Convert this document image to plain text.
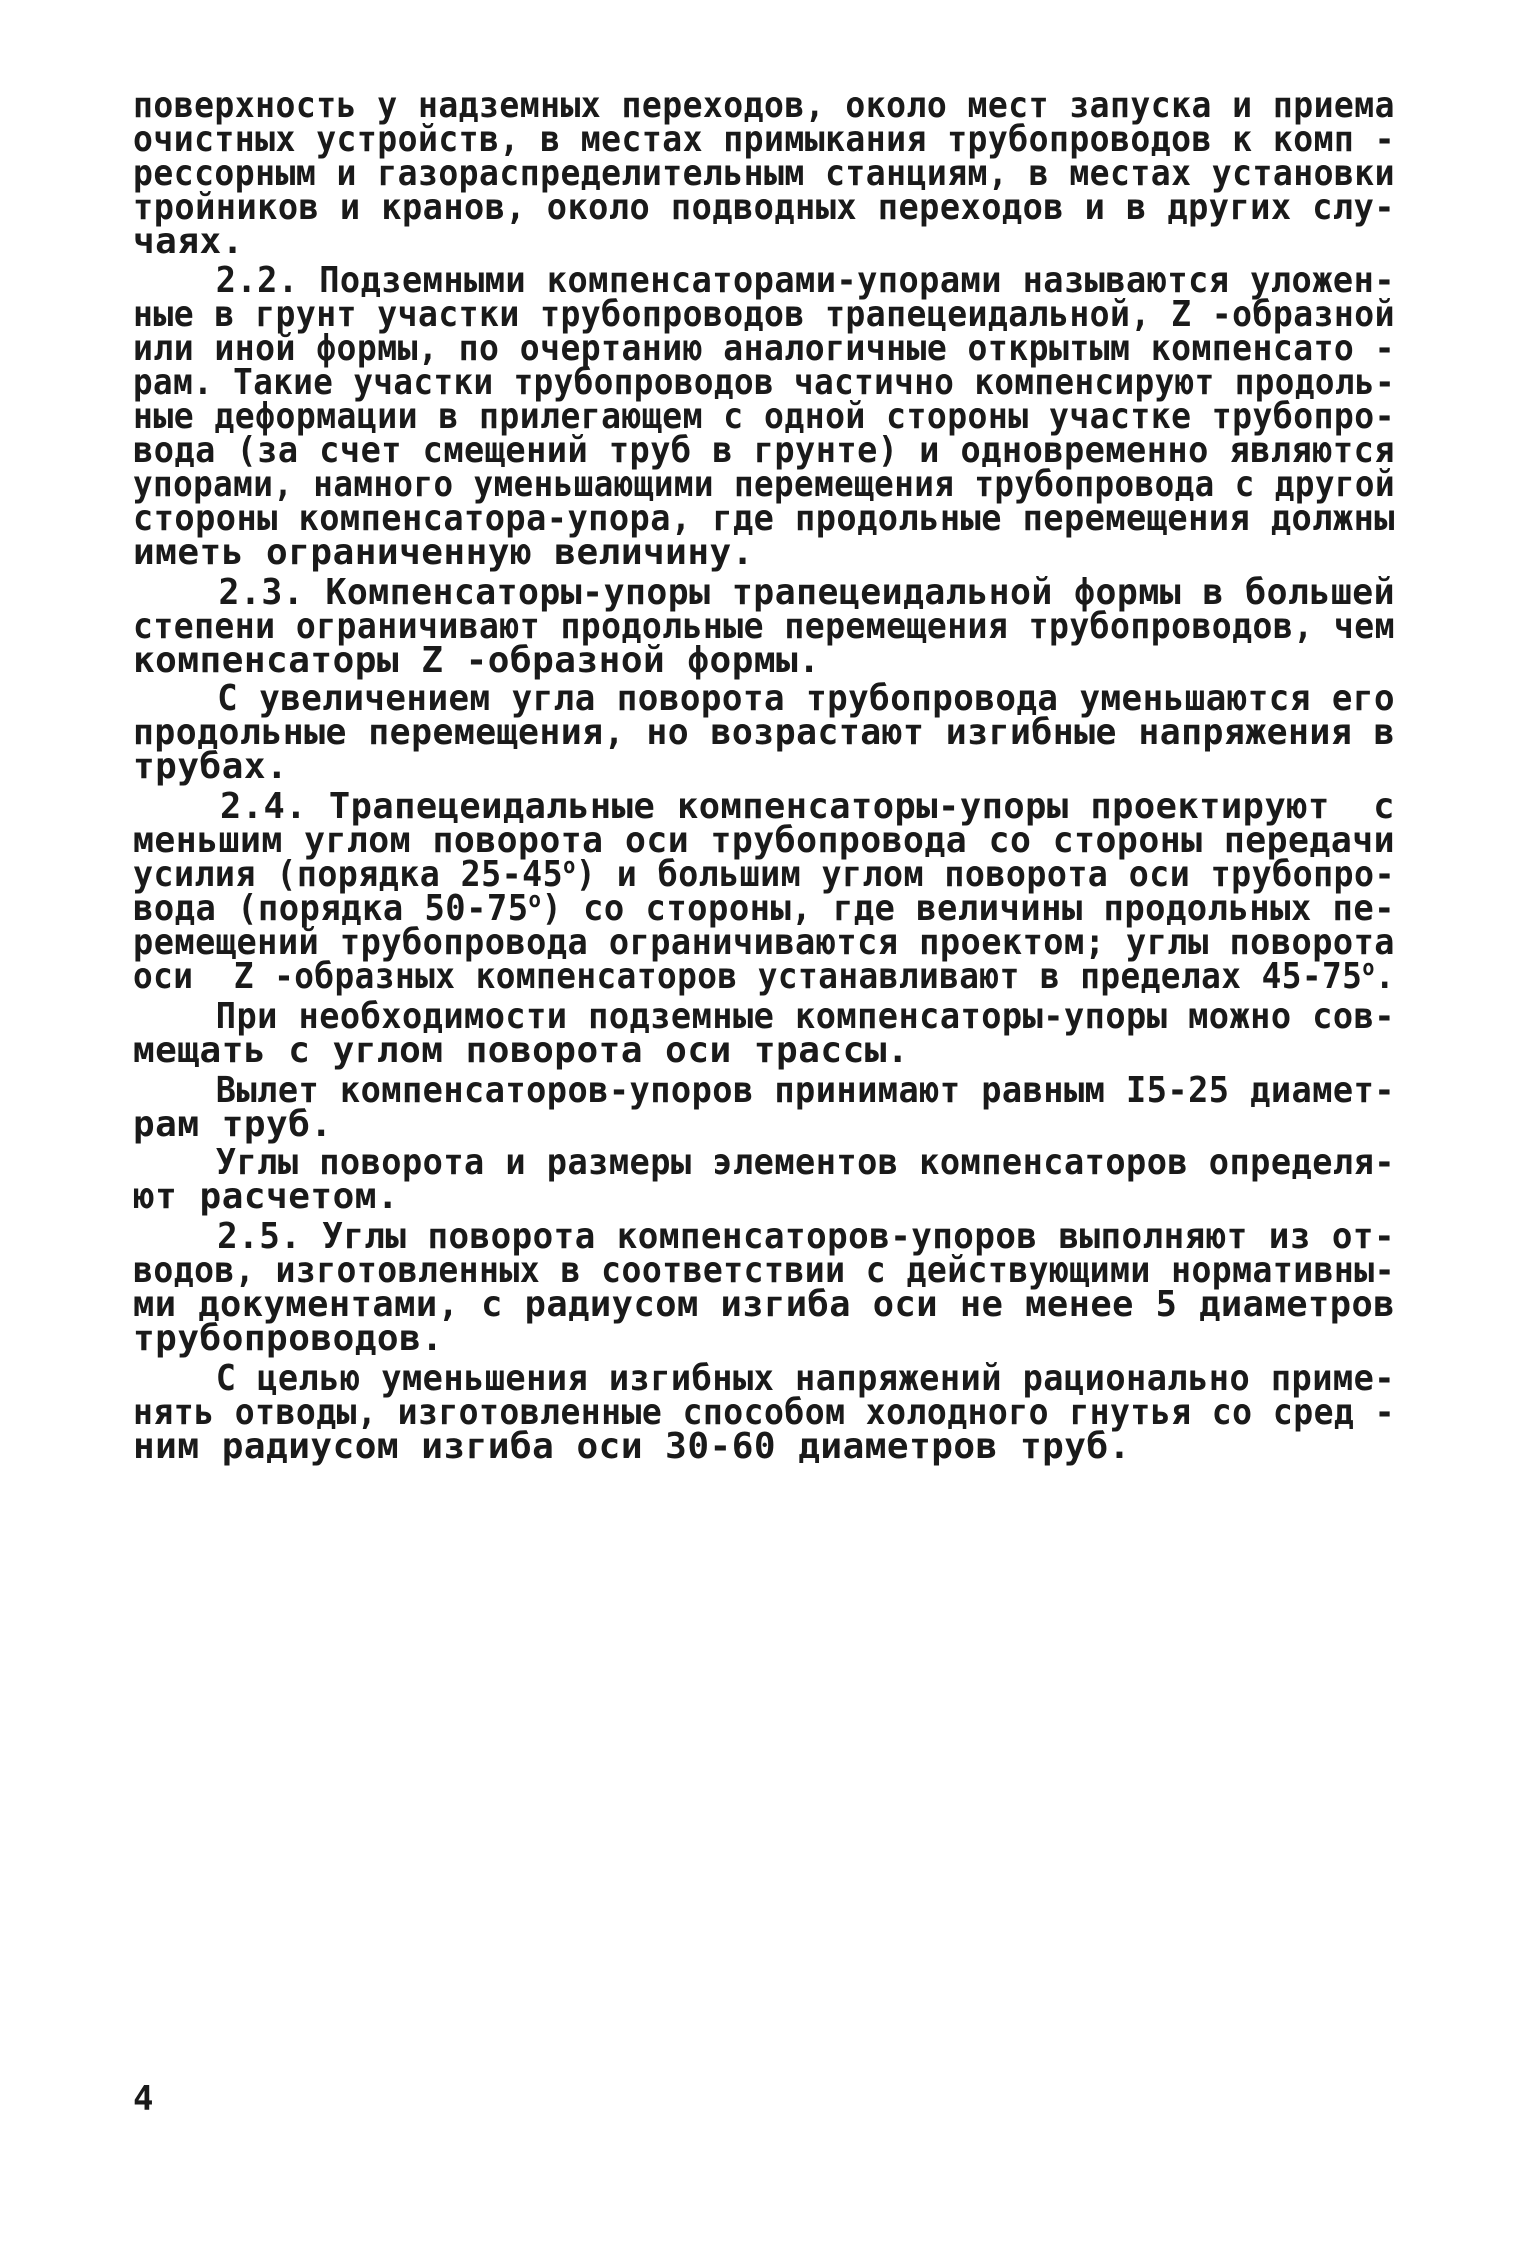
поверхность у надземных переходов, около мест запуска и приема
очистных устройств, в местах примыкания трубопроводов к комп -
рессорным и газораспределительным станциям, в местах установки
тройников и кранов, около подводных переходов и в других слу-
чаях.
2.2. Подземными компенсаторами-упорами называются уложен-
ные в грунт участки трубопроводов трапецеидальной, Z -образной
или иной формы, по очертанию аналогичные открытым компенсато -
рам. Такие участки трубопроводов частично компенсируют продоль-
ные деформации в прилегающем с одной стороны участке трубопро-
вода (за счет смещений труб в грунте) и одновременно являются
упорами, намного уменьшающими перемещения трубопровода с другой
стороны компенсатора-упора, где продольные перемещения должны
иметь ограниченную величину.
2.3. Компенсаторы-упоры трапецеидальной формы в большей
степени ограничивают продольные перемещения трубопроводов, чем
компенсаторы Z -образной формы.
С увеличением угла поворота трубопровода уменьшаются его
продольные перемещения, но возрастают изгибные напряжения в
трубах.
2.4. Трапецеидальные компенсаторы-упоры проектируют  с
меньшим углом поворота оси трубопровода со стороны передачи
усилия (порядка 25-45$^o$) и большим углом поворота оси трубопро-
вода (порядка 50-75$^o$) со стороны, где величины продольных пе-
ремещений трубопровода ограничиваются проектом; углы поворота
оси  Z -образных компенсаторов устанавливают в пределах 45-75$^o$.
При необходимости подземные компенсаторы-упоры можно сов-
мещать с углом поворота оси трассы.
Вылет компенсаторов-упоров принимают равным I5-25 диамет-
рам труб.
Углы поворота и размеры элементов компенсаторов определя-
ют расчетом.
2.5. Углы поворота компенсаторов-упоров выполняют из от-
водов, изготовленных в соответствии с действующими нормативны-
ми документами, с радиусом изгиба оси не менее 5 диаметров
трубопроводов.
С целью уменьшения изгибных напряжений рационально приме-
нять отводы, изготовленные способом холодного гнутья со сред -
ним радиусом изгиба оси 30-60 диаметров труб.
4
